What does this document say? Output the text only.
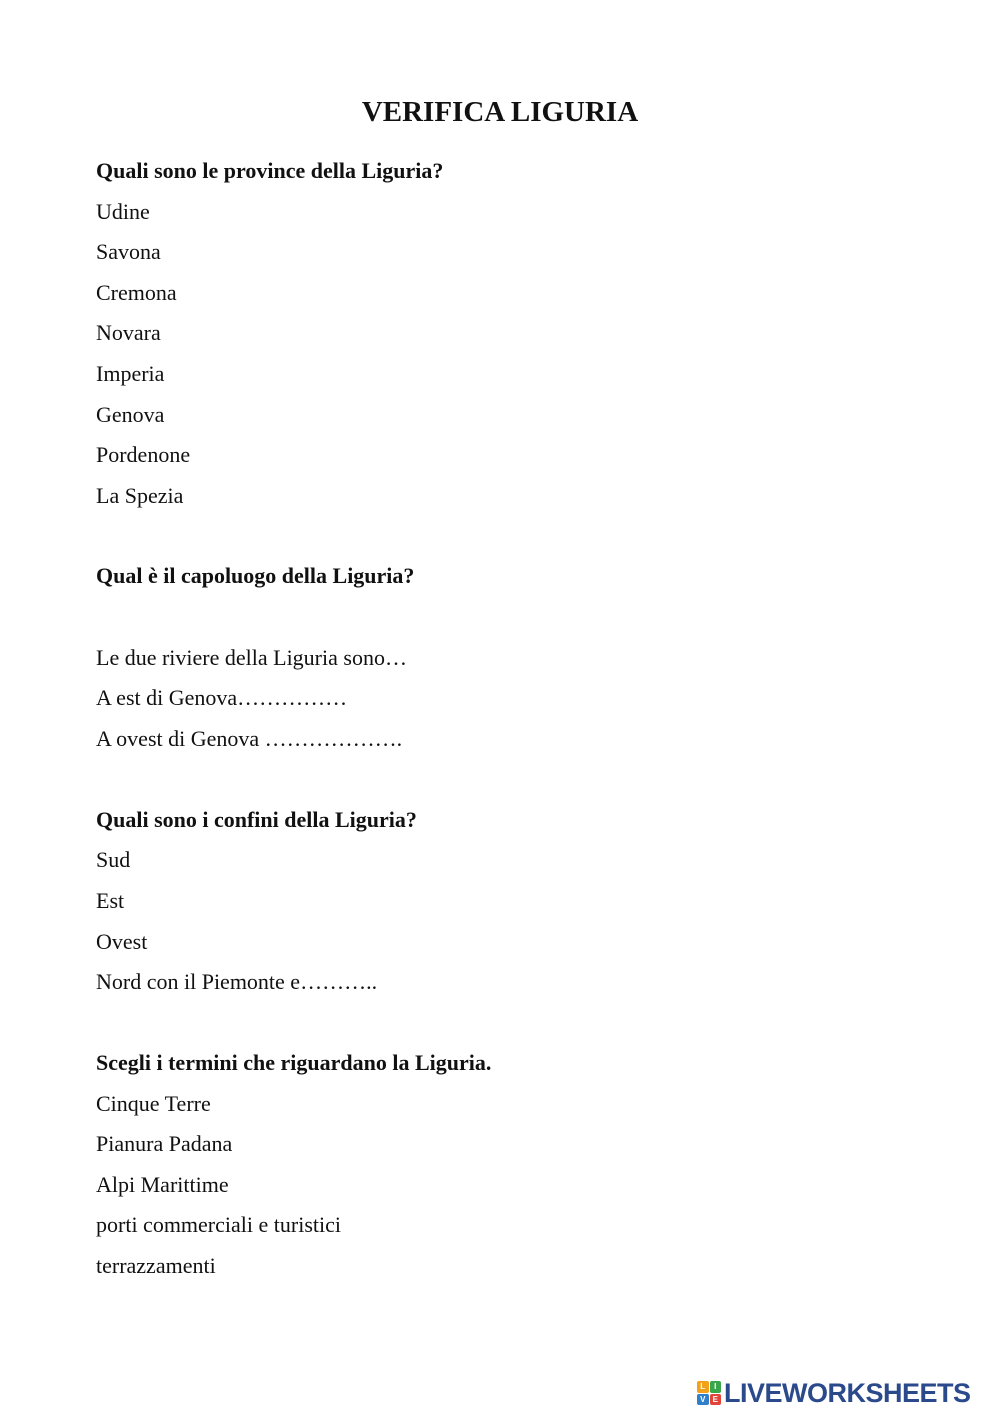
VERIFICA LIGURIA

Quali sono le province della Liguria?

Udine

Savona

Cremona

Novara

Imperia

Genova

Pordenone

La Spezia

Qual è il capoluogo della Liguria?

Le due riviere della Liguria sono…

A est di Genova……………

A ovest di Genova ……………….

Quali sono i confini della Liguria?

Sud

Est

Ovest

Nord con il Piemonte e………..

Scegli i termini che riguardano la Liguria.

Cinque Terre

Pianura Padana

Alpi Marittime

porti commerciali e turistici

terrazzamenti

L	I
V E LIVEWORKSHEETS
